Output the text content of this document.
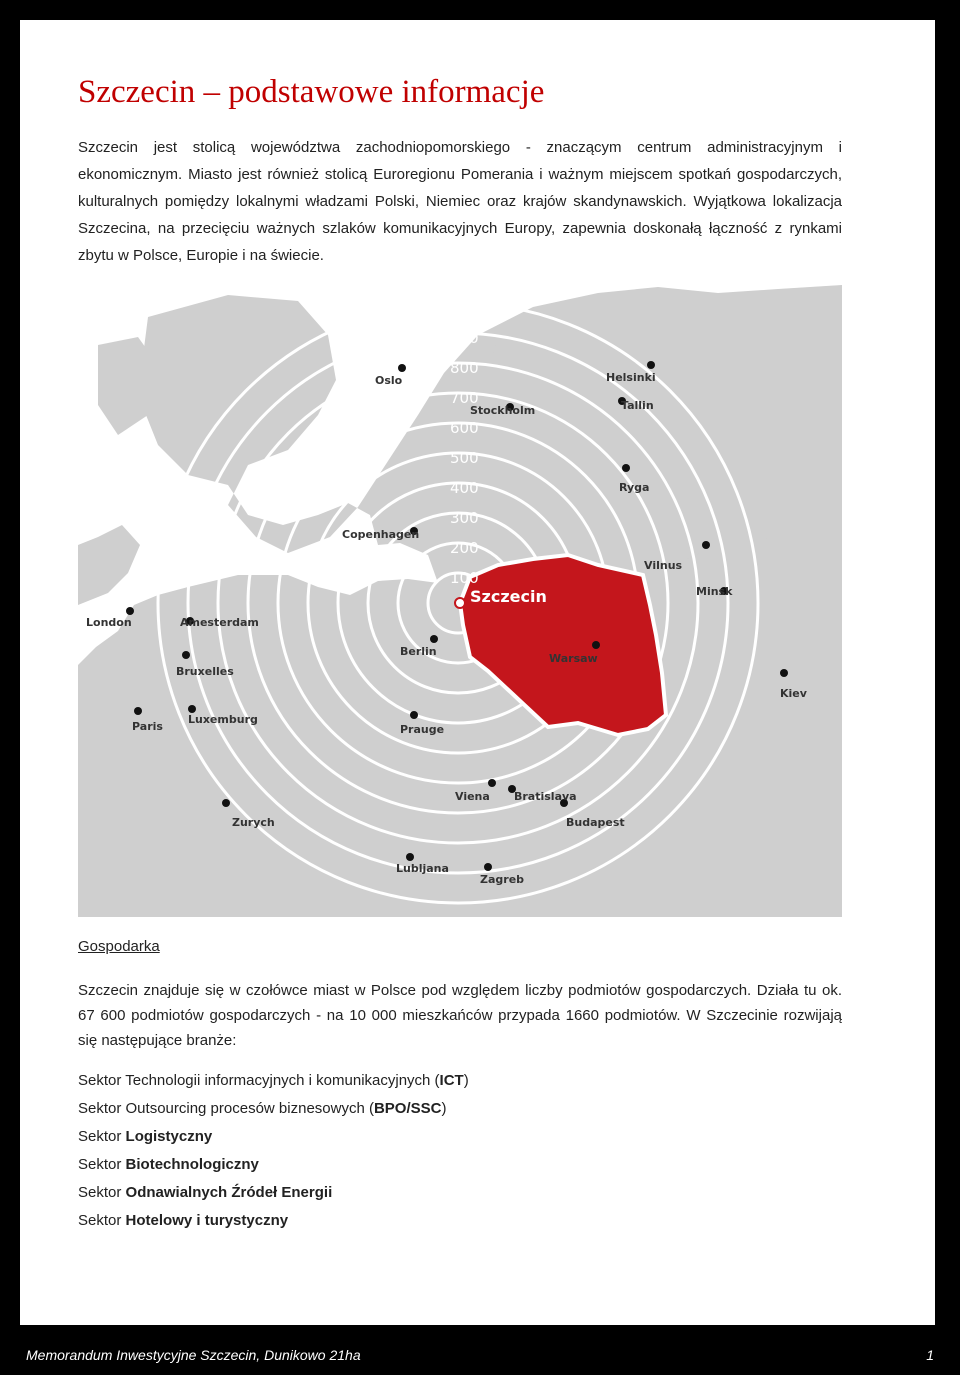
Szczecin – podstawowe informacje

Szczecin jest stolicą województwa zachodniopomorskiego - znaczącym centrum administracyjnym i ekonomicznym. Miasto jest również stolicą Euroregionu Pomerania i ważnym miejscem spotkań gospodarczych, kulturalnych pomiędzy lokalnymi władzami Polski, Niemiec oraz krajów skandynawskich. Wyjątkowa lokalizacja Szczecina, na przecięciu ważnych szlaków komunikacyjnych Europy, zapewnia doskonałą łączność z rynkami zbytu w Polsce, Europie i na świecie.

100
200
300
400
500
600
700
800
900
1000
Szczecin
Oslo
Stockholm
Helsinki
Tallin
Ryga
Copenhagen
Vilnus
Minsk
London	Amesterdam
Berlin
Warsaw
Bruxelles
Kiev
Paris
Luxemburg
Prauge
Viena Bratislava
Zurych	Budapest
Lubljana
Zagreb
Gospodarka

Szczecin znajduje się w czołówce miast w Polsce pod względem liczby podmiotów gospodarczych. Działa tu ok. 67 600 podmiotów gospodarczych - na 10 000 mieszkańców przypada 1660 podmiotów. W Szczecinie rozwijają się następujące branże:

Sektor Technologii informacyjnych i komunikacyjnych (ICT)
Sektor Outsourcing procesów biznesowych (BPO/SSC)
Sektor Logistyczny
Sektor Biotechnologiczny
Sektor Odnawialnych Źródeł Energii
Sektor Hotelowy i turystyczny
Memorandum Inwestycyjne Szczecin, Dunikowo 21ha	1
